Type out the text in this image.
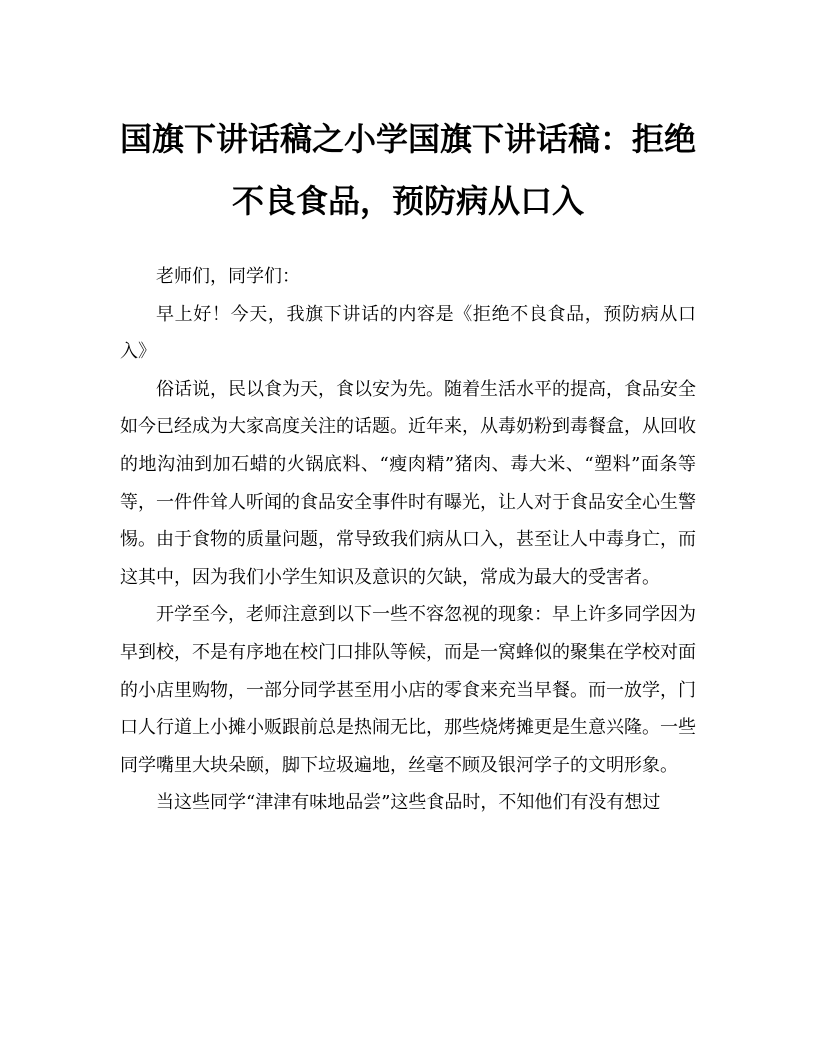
国旗下讲话稿之小学国旗下讲话稿：拒绝不良食品，预防病从口入

老师们，同学们：

早上好！今天，我旗下讲话的内容是《拒绝不良食品，预防病从口入》

俗话说，民以食为天，食以安为先。随着生活水平的提高，食品安全如今已经成为大家高度关注的话题。近年来，从毒奶粉到毒餐盒，从回收的地沟油到加石蜡的火锅底料、“瘦肉精”猪肉、毒大米、“塑料”面条等等，一件件耸人听闻的食品安全事件时有曝光，让人对于食品安全心生警惕。由于食物的质量问题，常导致我们病从口入，甚至让人中毒身亡，而这其中，因为我们小学生知识及意识的欠缺，常成为最大的受害者。

开学至今，老师注意到以下一些不容忽视的现象：早上许多同学因为早到校，不是有序地在校门口排队等候，而是一窝蜂似的聚集在学校对面的小店里购物，一部分同学甚至用小店的零食来充当早餐。而一放学，门口人行道上小摊小贩跟前总是热闹无比，那些烧烤摊更是生意兴隆。一些同学嘴里大块朵颐，脚下垃圾遍地，丝毫不顾及银河学子的文明形象。

当这些同学“津津有味地品尝”这些食品时，不知他们有没有想过
